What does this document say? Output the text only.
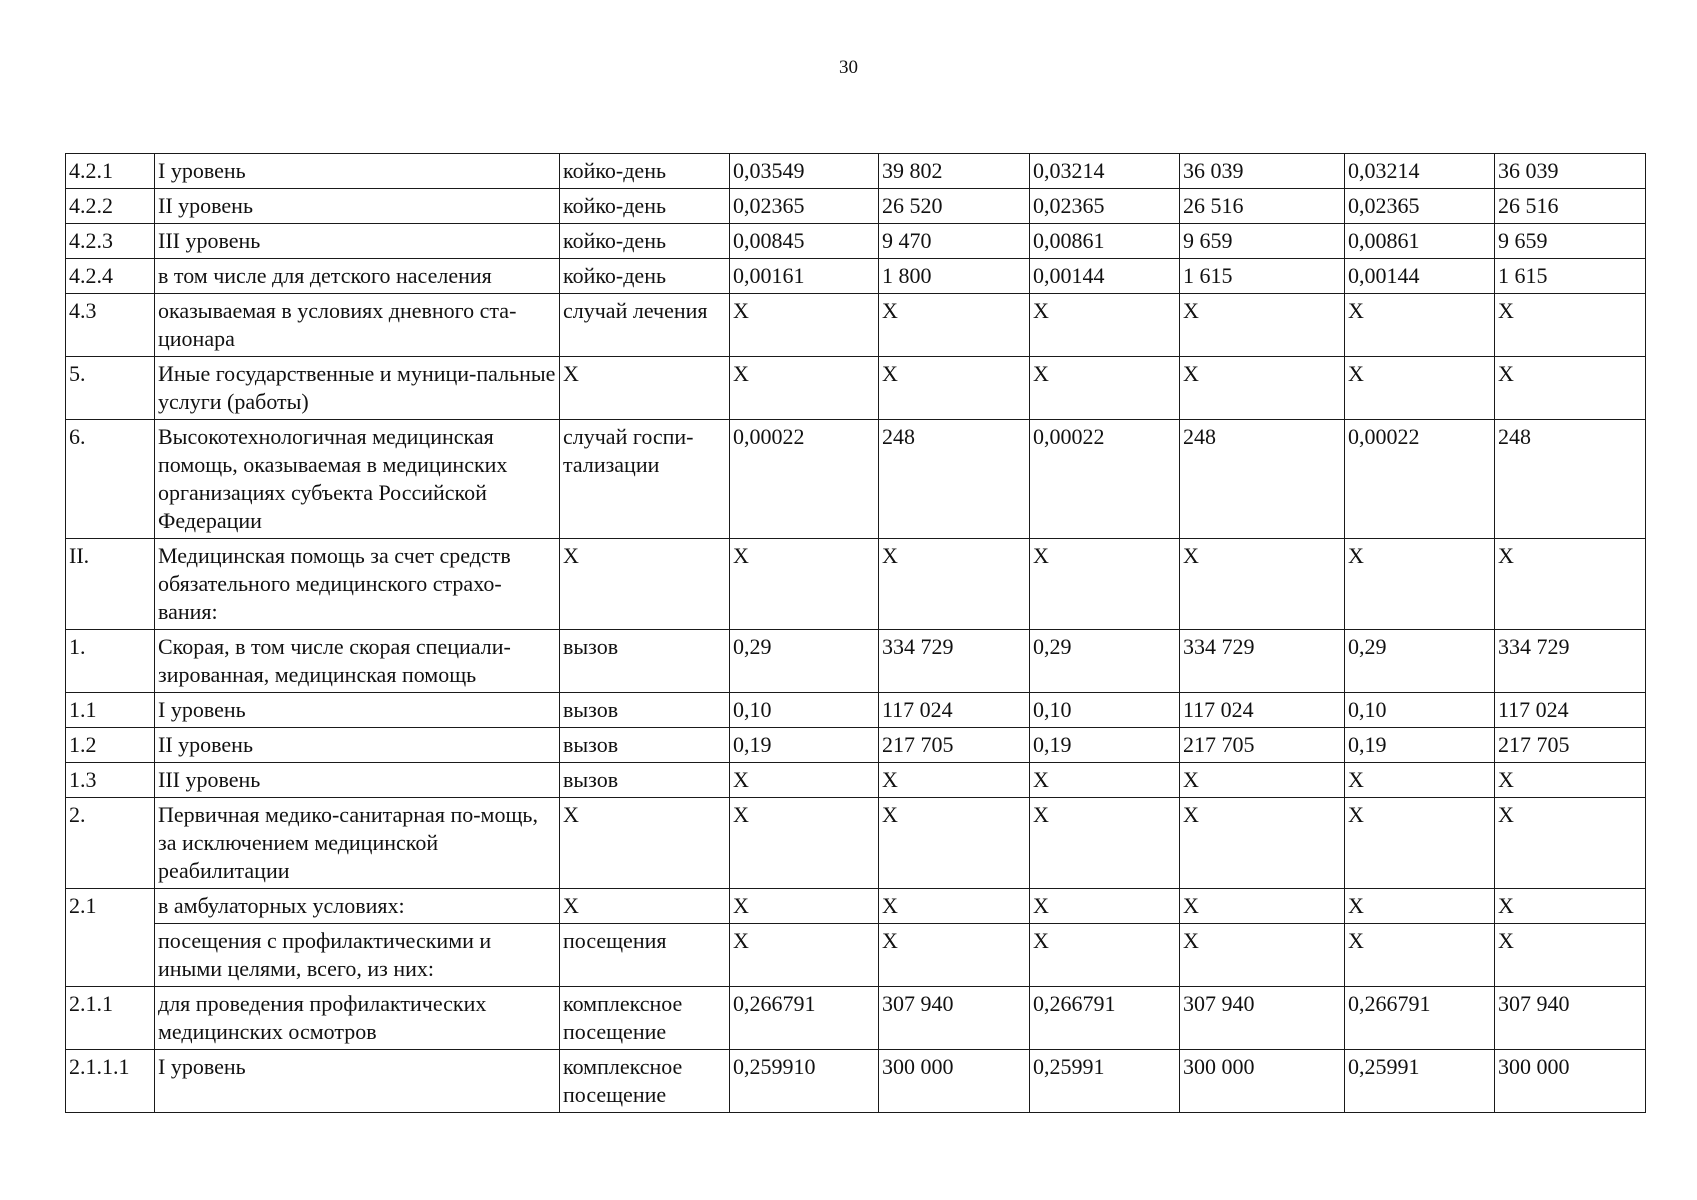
30
4.2.1	I уровень	койко-день	0,03549	39 802	0,03214	36 039	0,03214	36 039
4.2.2	II уровень	койко-день	0,02365	26 520	0,02365	26 516	0,02365	26 516
4.2.3	III уровень	койко-день	0,00845	9 470	0,00861	9 659	0,00861	9 659
4.2.4	в том числе для детского населения	койко-день	0,00161	1 800	0,00144	1 615	0,00144	1 615
4.3	оказываемая в условиях дневного ста-ционара	случай лечения	X	X	X	X	X	X
5.	Иные государственные и муници-пальные услуги (работы)	X	X	X	X	X	X	X
6.	Высокотехнологичная медицинская помощь, оказываемая в медицинских организациях субъекта Российской Федерации	случай госпи-тализации	0,00022	248	0,00022	248	0,00022	248
II.	Медицинская помощь за счет средств обязательного медицинского страхо-вания:	X	X	X	X	X	X	X
1.	Скорая, в том числе скорая специали-зированная, медицинская помощь	вызов	0,29	334 729	0,29	334 729	0,29	334 729
1.1	I уровень	вызов	0,10	117 024	0,10	117 024	0,10	117 024
1.2	II уровень	вызов	0,19	217 705	0,19	217 705	0,19	217 705
1.3	III уровень	вызов	X	X	X	X	X	X
2.	Первичная медико-санитарная по-мощь, за исключением медицинской реабилитации	X	X	X	X	X	X	X
2.1	в амбулаторных условиях:	X	X	X	X	X	X	X
	посещения с профилактическими и иными целями, всего, из них:	посещения	X	X	X	X	X	X
2.1.1	для проведения профилактических медицинских осмотров	комплексное посещение	0,266791	307 940	0,266791	307 940	0,266791	307 940
2.1.1.1	I уровень	комплексное посещение	0,259910	300 000	0,25991	300 000	0,25991	300 000
